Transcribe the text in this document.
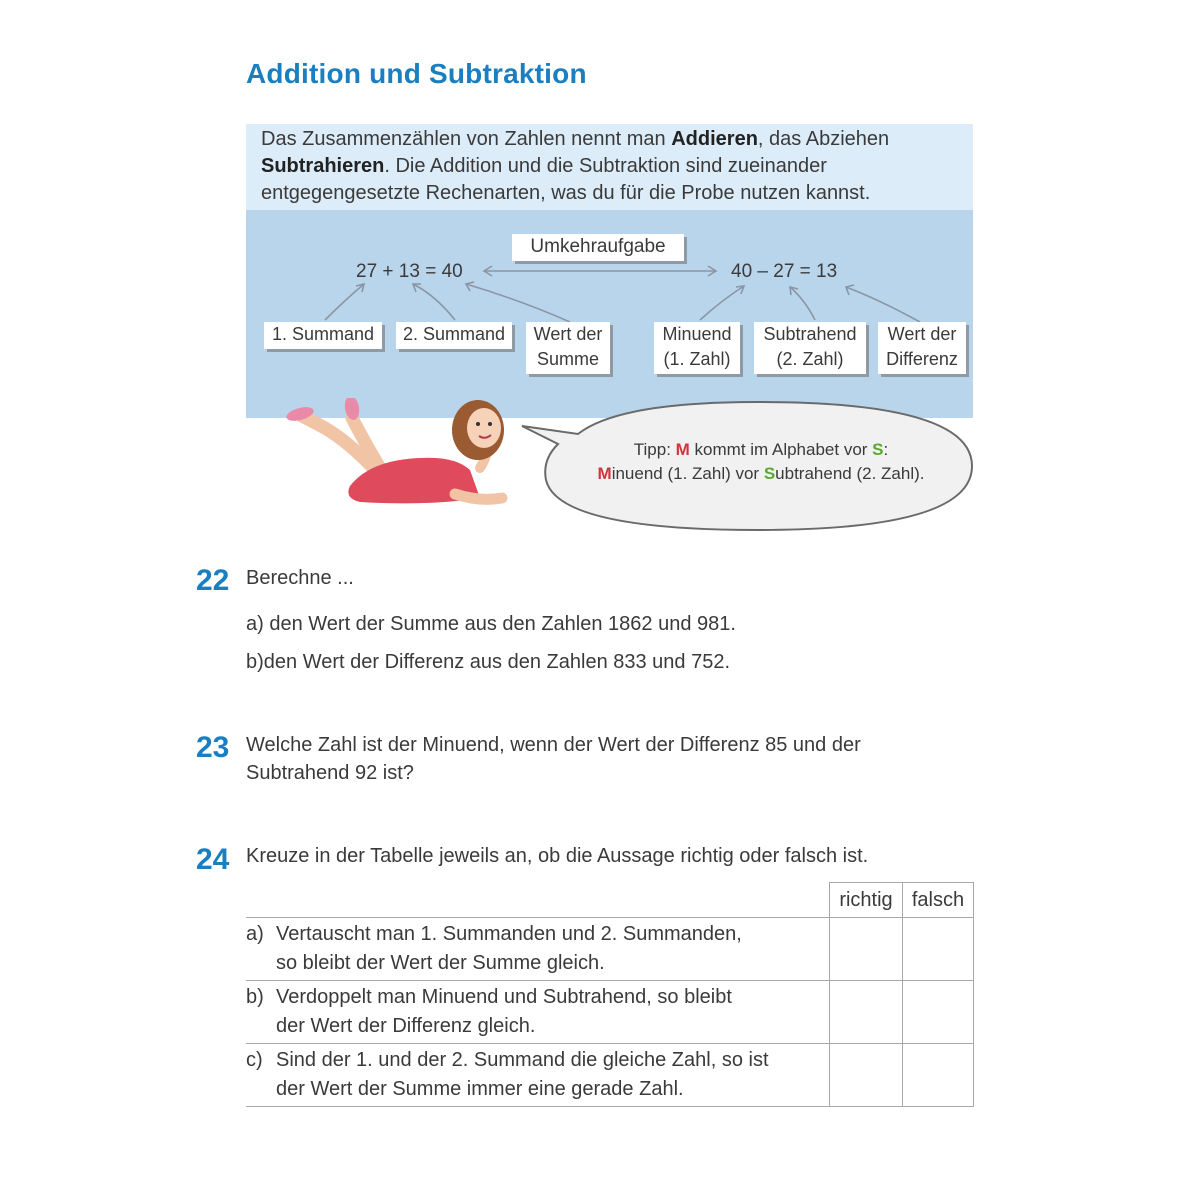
Addition und Subtraktion
Das Zusammenzählen von Zahlen nennt man Addieren, das Abziehen
Subtrahieren. Die Addition und die Subtraktion sind zueinander
entgegengesetzte Rechenarten, was du für die Probe nutzen kannst.
Umkehraufgabe
27 + 13 = 40	40 – 27 = 13
1. Summand	2. Summand	Wert der
Summe
Minuend
(1. Zahl)
Subtrahend
(2. Zahl)
Wert der
Differenz
Tipp: M kommt im Alphabet vor S:
Minuend (1. Zahl) vor Subtrahend (2. Zahl).
22 Berechne ...
a) den Wert der Summe aus den Zahlen 1862 und 981.
b)den Wert der Differenz aus den Zahlen 833 und 752.
23 Welche Zahl ist der Minuend, wenn der Wert der Differenz 85 und der
Subtrahend 92 ist?
24 Kreuze in der Tabelle jeweils an, ob die Aussage richtig oder falsch ist.
	richtig	falsch

a) Vertauscht man 1. Summanden und 2. Summanden,
so bleibt der Wert der Summe gleich.		

b) Verdoppelt man Minuend und Subtrahend, so bleibt
der Wert der Differenz gleich.		

c) Sind der 1. und der 2. Summand die gleiche Zahl, so ist
der Wert der Summe immer eine gerade Zahl.		
